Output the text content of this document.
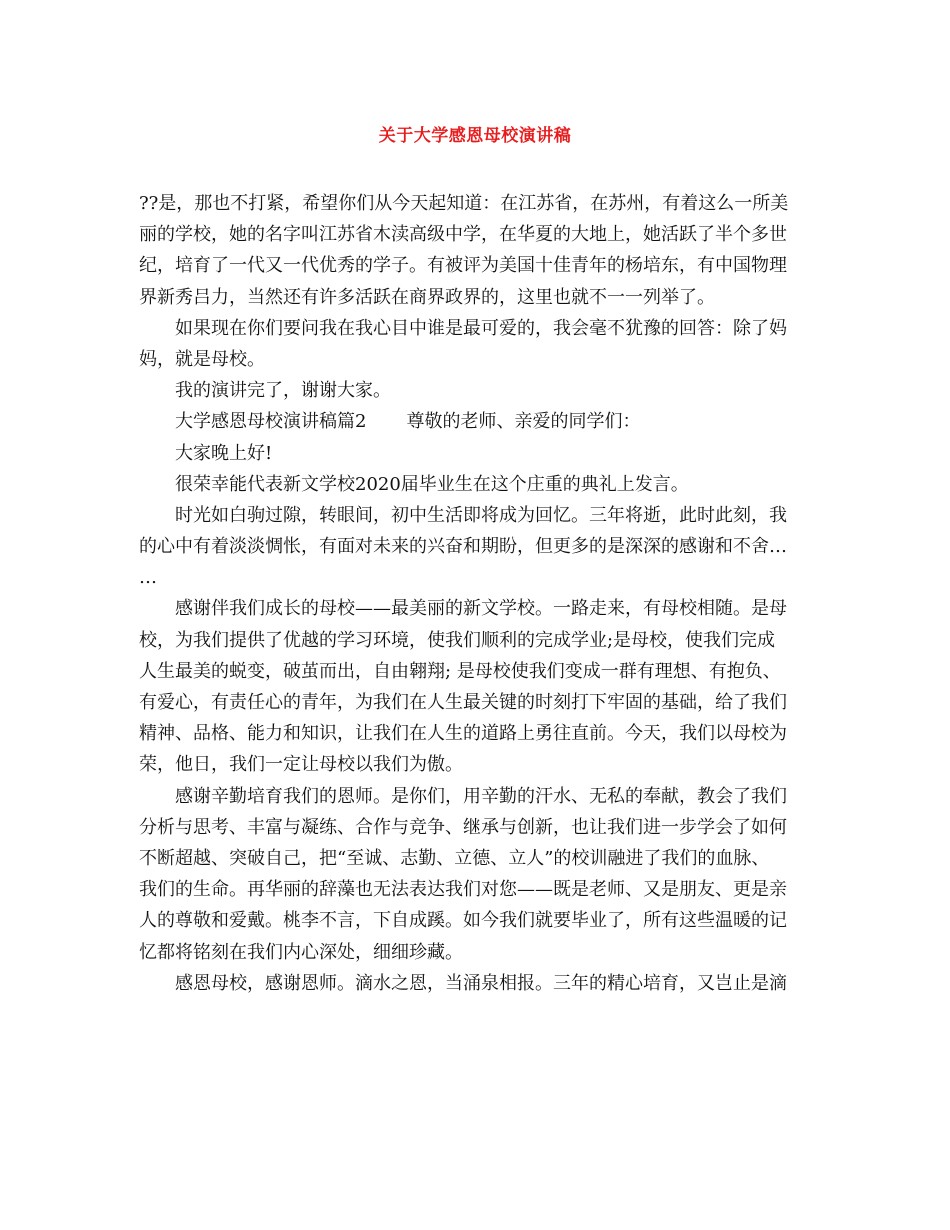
关于大学感恩母校演讲稿
??是，那也不打紧，希望你们从今天起知道：在江苏省，在苏州，有着这么一所美
丽的学校，她的名字叫江苏省木渎高级中学，在华夏的大地上，她活跃了半个多世
纪，培育了一代又一代优秀的学子。有被评为美国十佳青年的杨培东，有中国物理
界新秀吕力，当然还有许多活跃在商界政界的，这里也就不一一列举了。
如果现在你们要问我在我心目中谁是最可爱的，我会毫不犹豫的回答：除了妈
妈，就是母校。
我的演讲完了，谢谢大家。
大学感恩母校演讲稿篇2 尊敬的老师、亲爱的同学们：
大家晚上好!
很荣幸能代表新文学校2020届毕业生在这个庄重的典礼上发言。
时光如白驹过隙，转眼间，初中生活即将成为回忆。三年将逝，此时此刻，我
的心中有着淡淡惆怅，有面对未来的兴奋和期盼，但更多的是深深的感谢和不舍…
…
感谢伴我们成长的母校——最美丽的新文学校。一路走来，有母校相随。是母
校，为我们提供了优越的学习环境，使我们顺利的完成学业;是母校，使我们完成
人生最美的蜕变，破茧而出，自由翱翔; 是母校使我们变成一群有理想、有抱负、
有爱心，有责任心的青年，为我们在人生最关键的时刻打下牢固的基础，给了我们
精神、品格、能力和知识，让我们在人生的道路上勇往直前。今天，我们以母校为
荣，他日，我们一定让母校以我们为傲。
感谢辛勤培育我们的恩师。是你们，用辛勤的汗水、无私的奉献，教会了我们
分析与思考、丰富与凝练、合作与竞争、继承与创新，也让我们进一步学会了如何
不断超越、突破自己，把“至诚、志勤、立德、立人”的校训融进了我们的血脉、
我们的生命。再华丽的辞藻也无法表达我们对您——既是老师、又是朋友、更是亲
人的尊敬和爱戴。桃李不言，下自成蹊。如今我们就要毕业了，所有这些温暖的记
忆都将铭刻在我们内心深处，细细珍藏。
感恩母校，感谢恩师。滴水之恩，当涌泉相报。三年的精心培育，又岂止是滴
